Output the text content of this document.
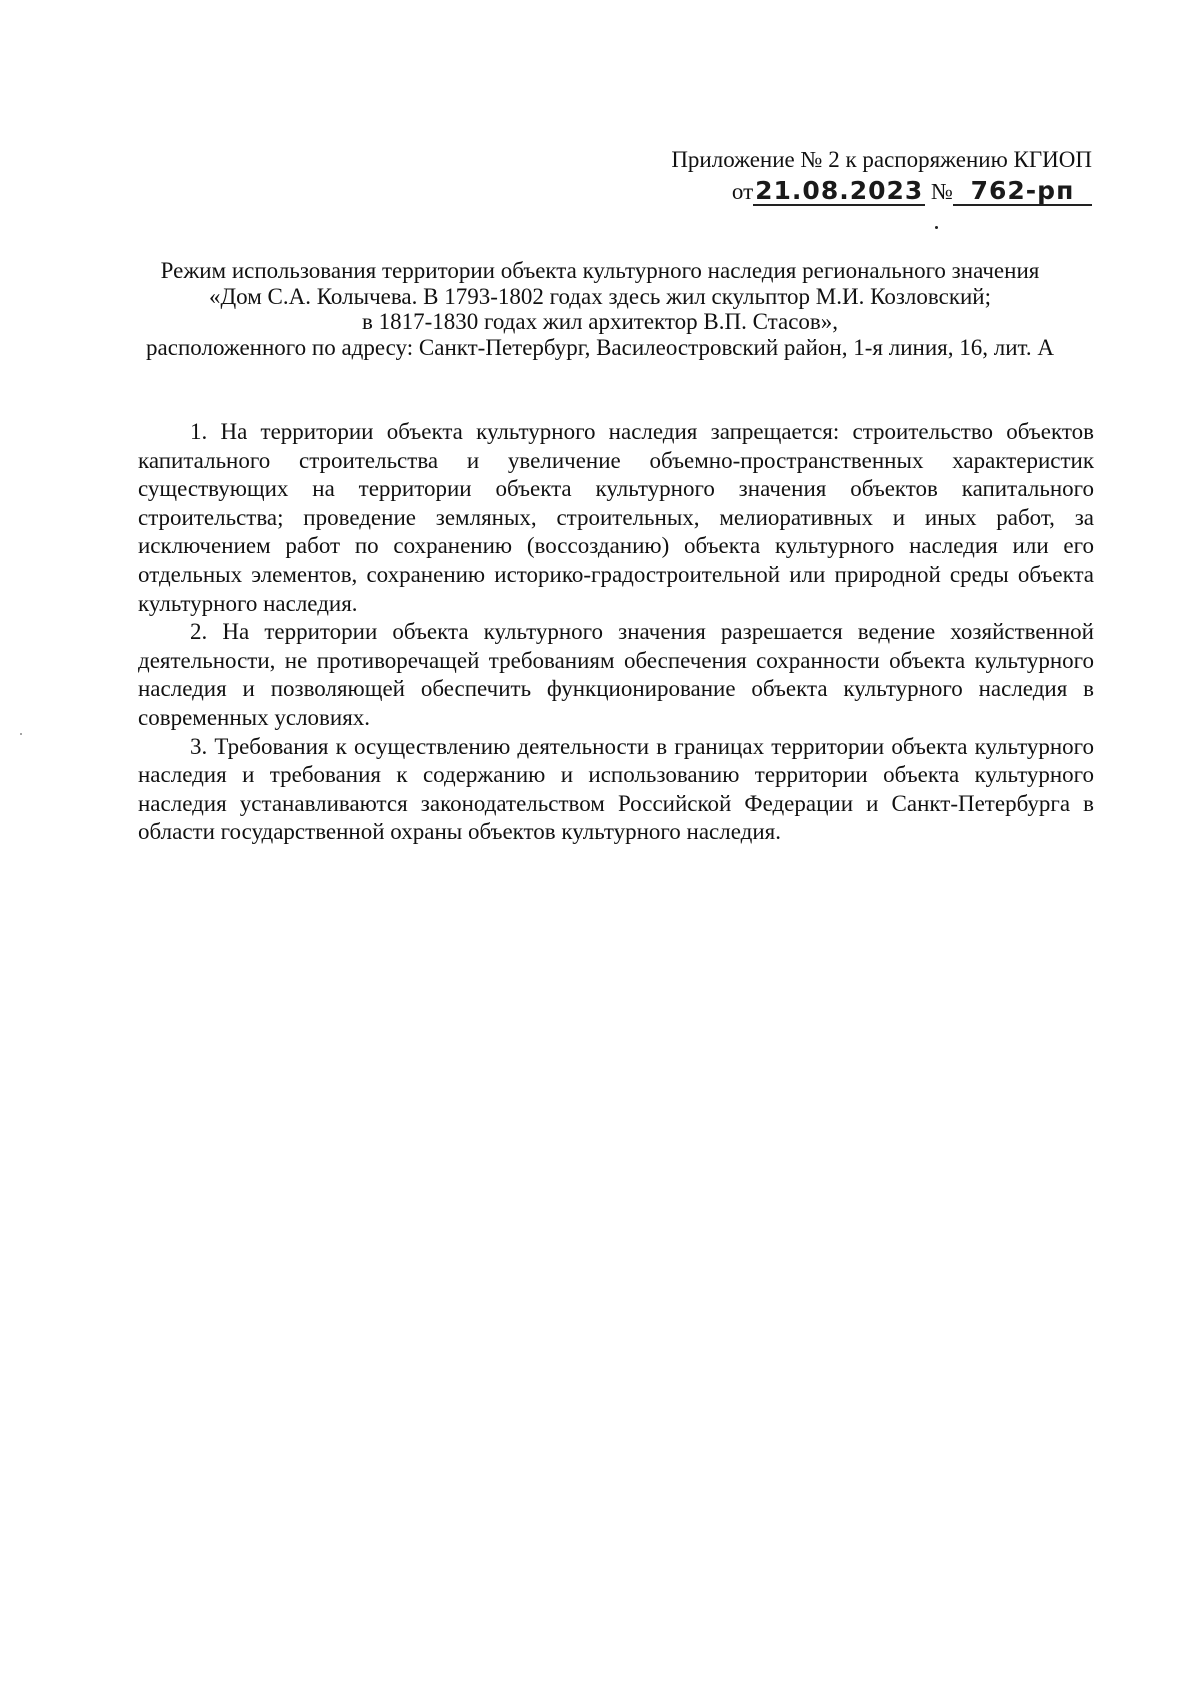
Приложение № 2 к распоряжению КГИОП
от21.08.2023 № 762-рп
Режим использования территории объекта культурного наследия регионального значения
«Дом С.А. Колычева. В 1793-1802 годах здесь жил скульптор М.И. Козловский;
в 1817-1830 годах жил архитектор В.П. Стасов»,
расположенного по адресу: Санкт-Петербург, Василеостровский район, 1-я линия, 16, лит. А

1. На территории объекта культурного наследия запрещается: строительство объектов капитального строительства и увеличение объемно-пространственных характеристик существующих на территории объекта культурного значения объектов капитального строительства; проведение земляных, строительных, мелиоративных и иных работ, за исключением работ по сохранению (воссозданию) объекта культурного наследия или его отдельных элементов, сохранению историко-градостроительной или природной среды объекта культурного наследия.

2. На территории объекта культурного значения разрешается ведение хозяйственной деятельности, не противоречащей требованиям обеспечения сохранности объекта культурного наследия и позволяющей обеспечить функционирование объекта культурного наследия в современных условиях.

3. Требования к осуществлению деятельности в границах территории объекта культурного наследия и требования к содержанию и использованию территории объекта культурного наследия устанавливаются законодательством Российской Федерации и Санкт-Петербурга в области государственной охраны объектов культурного наследия.
